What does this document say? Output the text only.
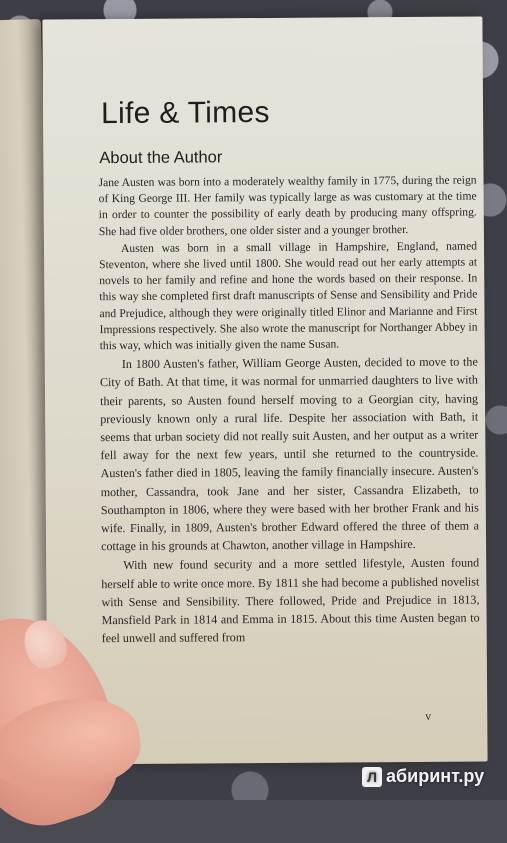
Life & Times
About the Author

Jane Austen was born into a moderately wealthy family in 1775, during the reign of King George III. Her family was typically large as was customary at the time in order to counter the possibility of early death by producing many offspring. She had five older brothers, one older sister and a younger brother.

Austen was born in a small village in Hampshire, England, named Steventon, where she lived until 1800. She would read out her early attempts at novels to her family and refine and hone the words based on their response. In this way she completed first draft manuscripts of Sense and Sensibility and Pride and Prejudice, although they were originally titled Elinor and Marianne and First Impressions respectively. She also wrote the manuscript for Northanger Abbey in this way, which was initially given the name Susan.

In 1800 Austen's father, William George Austen, decided to move to the City of Bath. At that time, it was normal for unmarried daughters to live with their parents, so Austen found herself moving to a Georgian city, having previously known only a rural life. Despite her association with Bath, it seems that urban society did not really suit Austen, and her output as a writer fell away for the next few years, until she returned to the countryside. Austen's father died in 1805, leaving the family financially insecure. Austen's mother, Cassandra, took Jane and her sister, Cassandra Elizabeth, to Southampton in 1806, where they were based with her brother Frank and his wife. Finally, in 1809, Austen's brother Edward offered the three of them a cottage in his grounds at Chawton, another village in Hampshire.

With new found security and a more settled lifestyle, Austen found herself able to write once more. By 1811 she had become a published novelist with Sense and Sensibility. There followed, Pride and Prejudice in 1813, Mansfield Park in 1814 and Emma in 1815. About this time Austen began to feel unwell and suffered from

v
Л абиринт.ру
